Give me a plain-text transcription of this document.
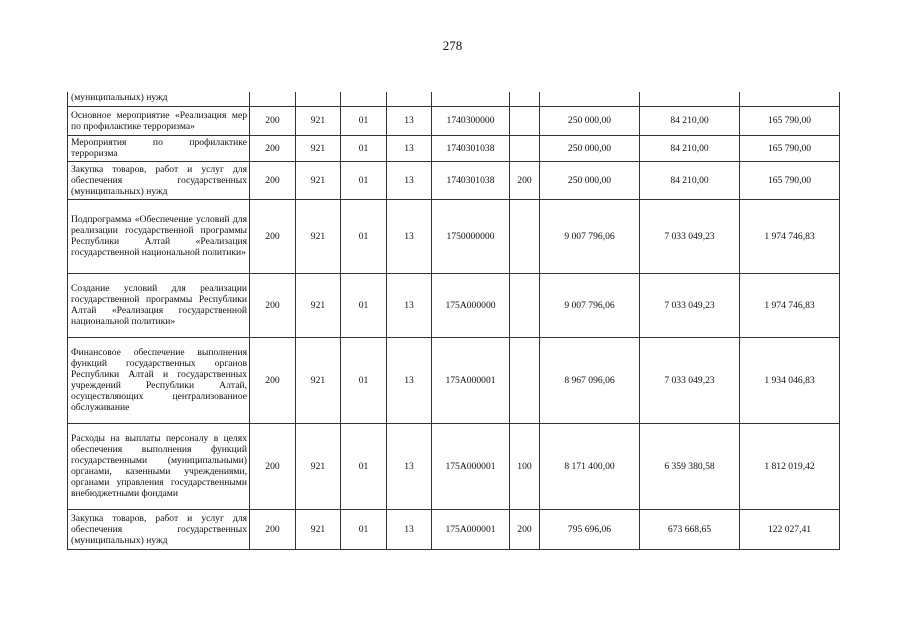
278
(муниципальных) нужд									
Основное мероприятие «Реализация мер по профилактике терроризма»	200	921	01	13	1740300000		250 000,00	84 210,00	165 790,00
Мероприятия по профилактике терроризма	200	921	01	13	1740301038		250 000,00	84 210,00	165 790,00
Закупка товаров, работ и услуг для обеспечения государственных (муниципальных) нужд	200	921	01	13	1740301038	200	250 000,00	84 210,00	165 790,00
Подпрограмма «Обеспечение условий для реализации государственной программы Республики Алтай «Реализация государственной национальной политики»	200	921	01	13	1750000000		9 007 796,06	7 033 049,23	1 974 746,83
Создание условий для реализации государственной программы Республики Алтай «Реализация государственной национальной политики»	200	921	01	13	175А000000		9 007 796,06	7 033 049,23	1 974 746,83
Финансовое обеспечение выполнения функций государственных органов Республики Алтай и государственных учреждений Республики Алтай, осуществляющих централизованное обслуживание	200	921	01	13	175А000001		8 967 096,06	7 033 049,23	1 934 046,83
Расходы на выплаты персоналу в целях обеспечения выполнения функций государственными (муниципальными) органами, казенными учреждениями, органами управления государственными внебюджетными фондами	200	921	01	13	175А000001	100	8 171 400,00	6 359 380,58	1 812 019,42
Закупка товаров, работ и услуг для обеспечения государственных (муниципальных) нужд	200	921	01	13	175А000001	200	795 696,06	673 668,65	122 027,41
